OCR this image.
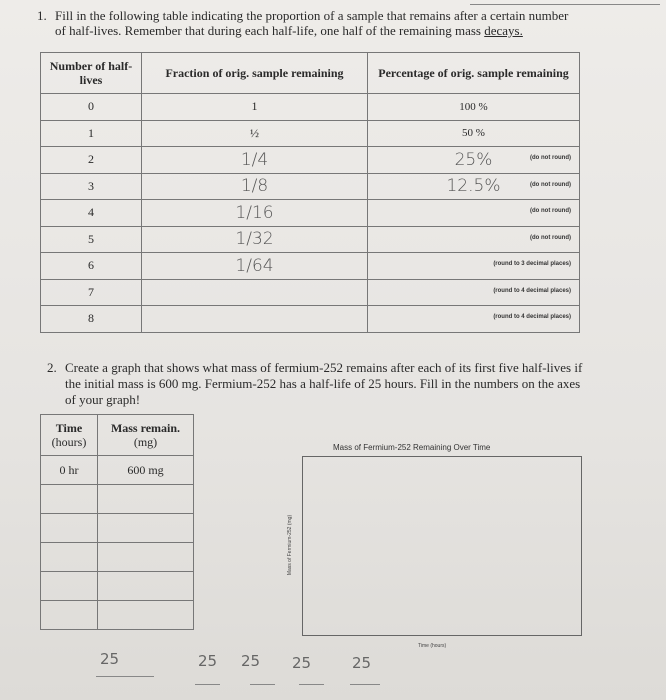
1. Fill in the following table indicating the proportion of a sample that remains after a certain number of half-lives. Remember that during each half-life, one half of the remaining mass decays.
Number of half-lives	Fraction of orig. sample remaining	Percentage of orig. sample remaining
0	1	100 %
1	½	50 %
2	1/4	25% (do not round)

3	1/8	12.5% (do not round)

4	1/16	(do not round)

5	1/32	(do not round)

6	1/64	(round to 3 decimal places)

7		(round to 4 decimal places)

8		(round to 4 decimal places)
2. Create a graph that shows what mass of fermium-252 remains after each of its first five half-lives if the initial mass is 600 mg. Fermium-252 has a half-life of 25 hours. Fill in the numbers on the axes of your graph!
Time
(hours)	Mass remain.
(mg)
0 hr	600 mg

Mass of Fermium-252 Remaining Over Time
Mass of Fermium-252 (mg)
Time (hours)
25	25 25 25	25
